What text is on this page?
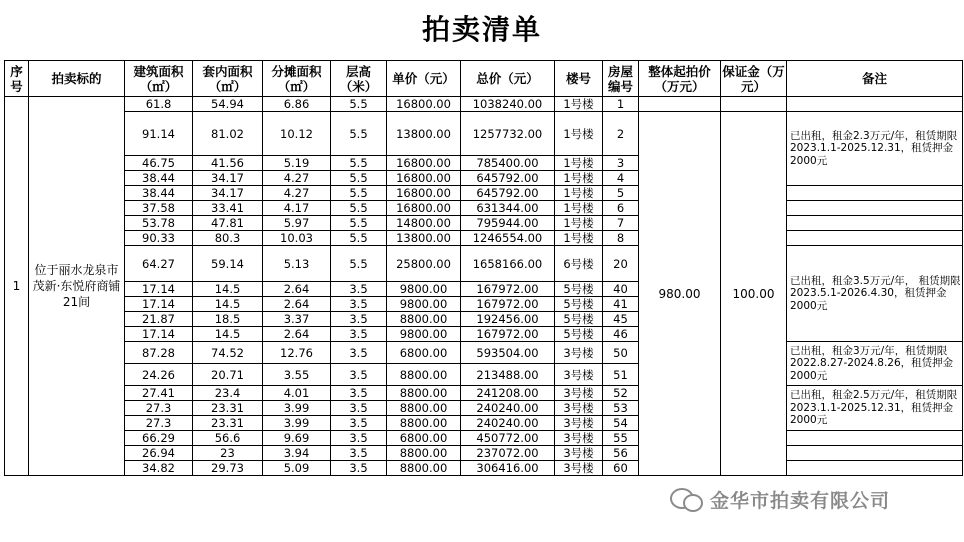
拍卖清单
序号	拍卖标的	建筑面积（㎡）	套内面积（㎡）	分摊面积（㎡）	层高（米）	单价（元）	总价（元）	楼号	房屋编号	整体起拍价（万元）	保证金（万元）	备注
1	位于丽水龙泉市茂新·东悦府商铺21间	61.8	54.94	6.86	5.5	16800.00	1038240.00	1号楼	1			
		91.14	81.02	10.12	5.5	13800.00	1257732.00	1号楼	2	980.00	100.00	已出租，租金2.3万元/年，租赁期限 2023.1.1-2025.12.31，租赁押金2000元
		46.75	41.56	5.19	5.5	16800.00	785400.00	1号楼	3			
		38.44	34.17	4.27	5.5	16800.00	645792.00	1号楼	4			
		38.44	34.17	4.27	5.5	16800.00	645792.00	1号楼	5			
		37.58	33.41	4.17	5.5	16800.00	631344.00	1号楼	6			
		53.78	47.81	5.97	5.5	14800.00	795944.00	1号楼	7			
		90.33	80.3	10.03	5.5	13800.00	1246554.00	1号楼	8			
		64.27	59.14	5.13	5.5	25800.00	1658166.00	6号楼	20			已出租，租金3.5万元/年， 租赁期限2023.5.1-2026.4.30，租赁押金2000元
		17.14	14.5	2.64	3.5	9800.00	167972.00	5号楼	40			
		17.14	14.5	2.64	3.5	9800.00	167972.00	5号楼	41			
		21.87	18.5	3.37	3.5	8800.00	192456.00	5号楼	45			
		17.14	14.5	2.64	3.5	9800.00	167972.00	5号楼	46			
		87.28	74.52	12.76	3.5	6800.00	593504.00	3号楼	50			已出租，租金3万元/年，租赁期限2022.8.27-2024.8.26，租赁押金2000元
		24.26	20.71	3.55	3.5	8800.00	213488.00	3号楼	51			
		27.41	23.4	4.01	3.5	8800.00	241208.00	3号楼	52			已出租，租金2.5万元/年，租赁期限 2023.1.1-2025.12.31，租赁押金2000元
		27.3	23.31	3.99	3.5	8800.00	240240.00	3号楼	53			
		27.3	23.31	3.99	3.5	8800.00	240240.00	3号楼	54			
		66.29	56.6	9.69	3.5	6800.00	450772.00	3号楼	55			
		26.94	23	3.94	3.5	8800.00	237072.00	3号楼	56			
		34.82	29.73	5.09	3.5	8800.00	306416.00	3号楼	60			
金华市拍卖有限公司
